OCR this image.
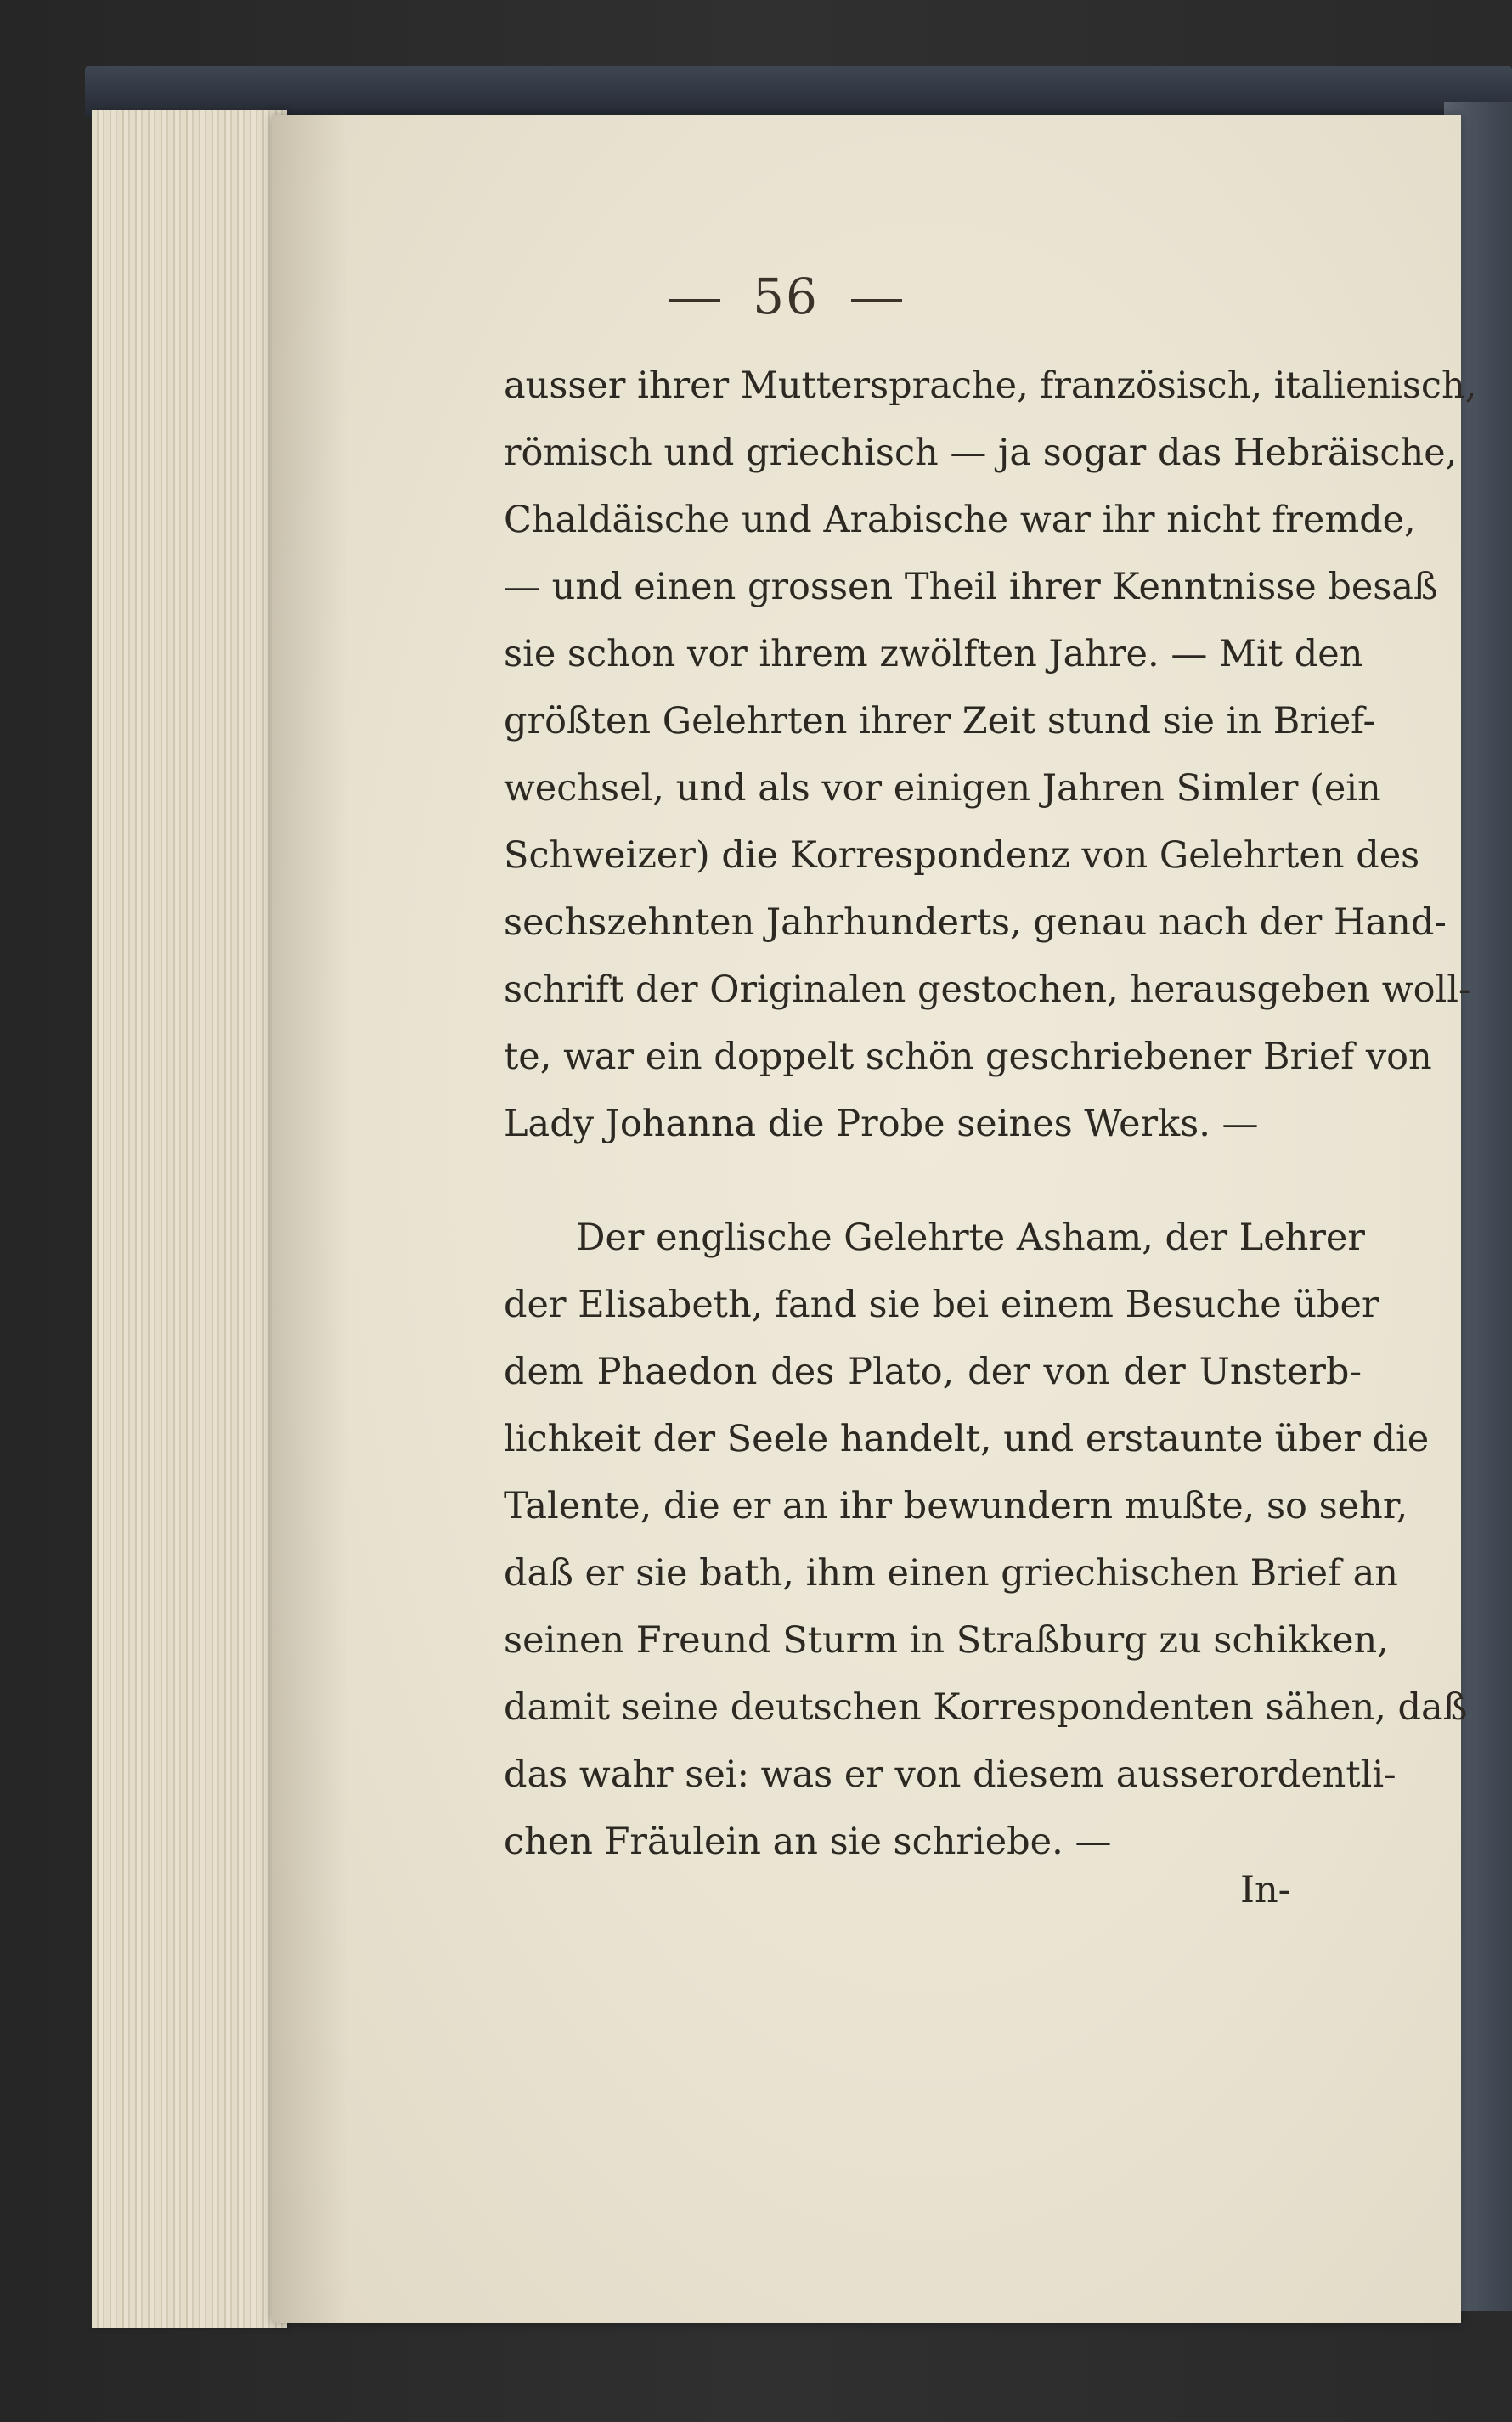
56
ausser ihrer Muttersprache, französisch, italienisch,
römisch und griechisch — ja sogar das Hebräische,
Chaldäische und Arabische war ihr nicht fremde,
— und einen grossen Theil ihrer Kenntnisse besaß
sie schon vor ihrem zwölften Jahre. — Mit den
größten Gelehrten ihrer Zeit stund sie in Brief-
wechsel, und als vor einigen Jahren Simler (ein
Schweizer) die Korrespondenz von Gelehrten des
sechszehnten Jahrhunderts, genau nach der Hand-
schrift der Originalen gestochen, herausgeben woll-
te, war ein doppelt schön geschriebener Brief von
Lady Johanna die Probe seines Werks. —
Der englische Gelehrte Asham, der Lehrer
der Elisabeth, fand sie bei einem Besuche über
dem Phaedon des Plato, der von der Unsterb-
lichkeit der Seele handelt, und erstaunte über die
Talente, die er an ihr bewundern mußte, so sehr,
daß er sie bath, ihm einen griechischen Brief an
seinen Freund Sturm in Straßburg zu schikken,
damit seine deutschen Korrespondenten sähen, daß
das wahr sei: was er von diesem ausserordentli-
chen Fräulein an sie schriebe. —
In-
